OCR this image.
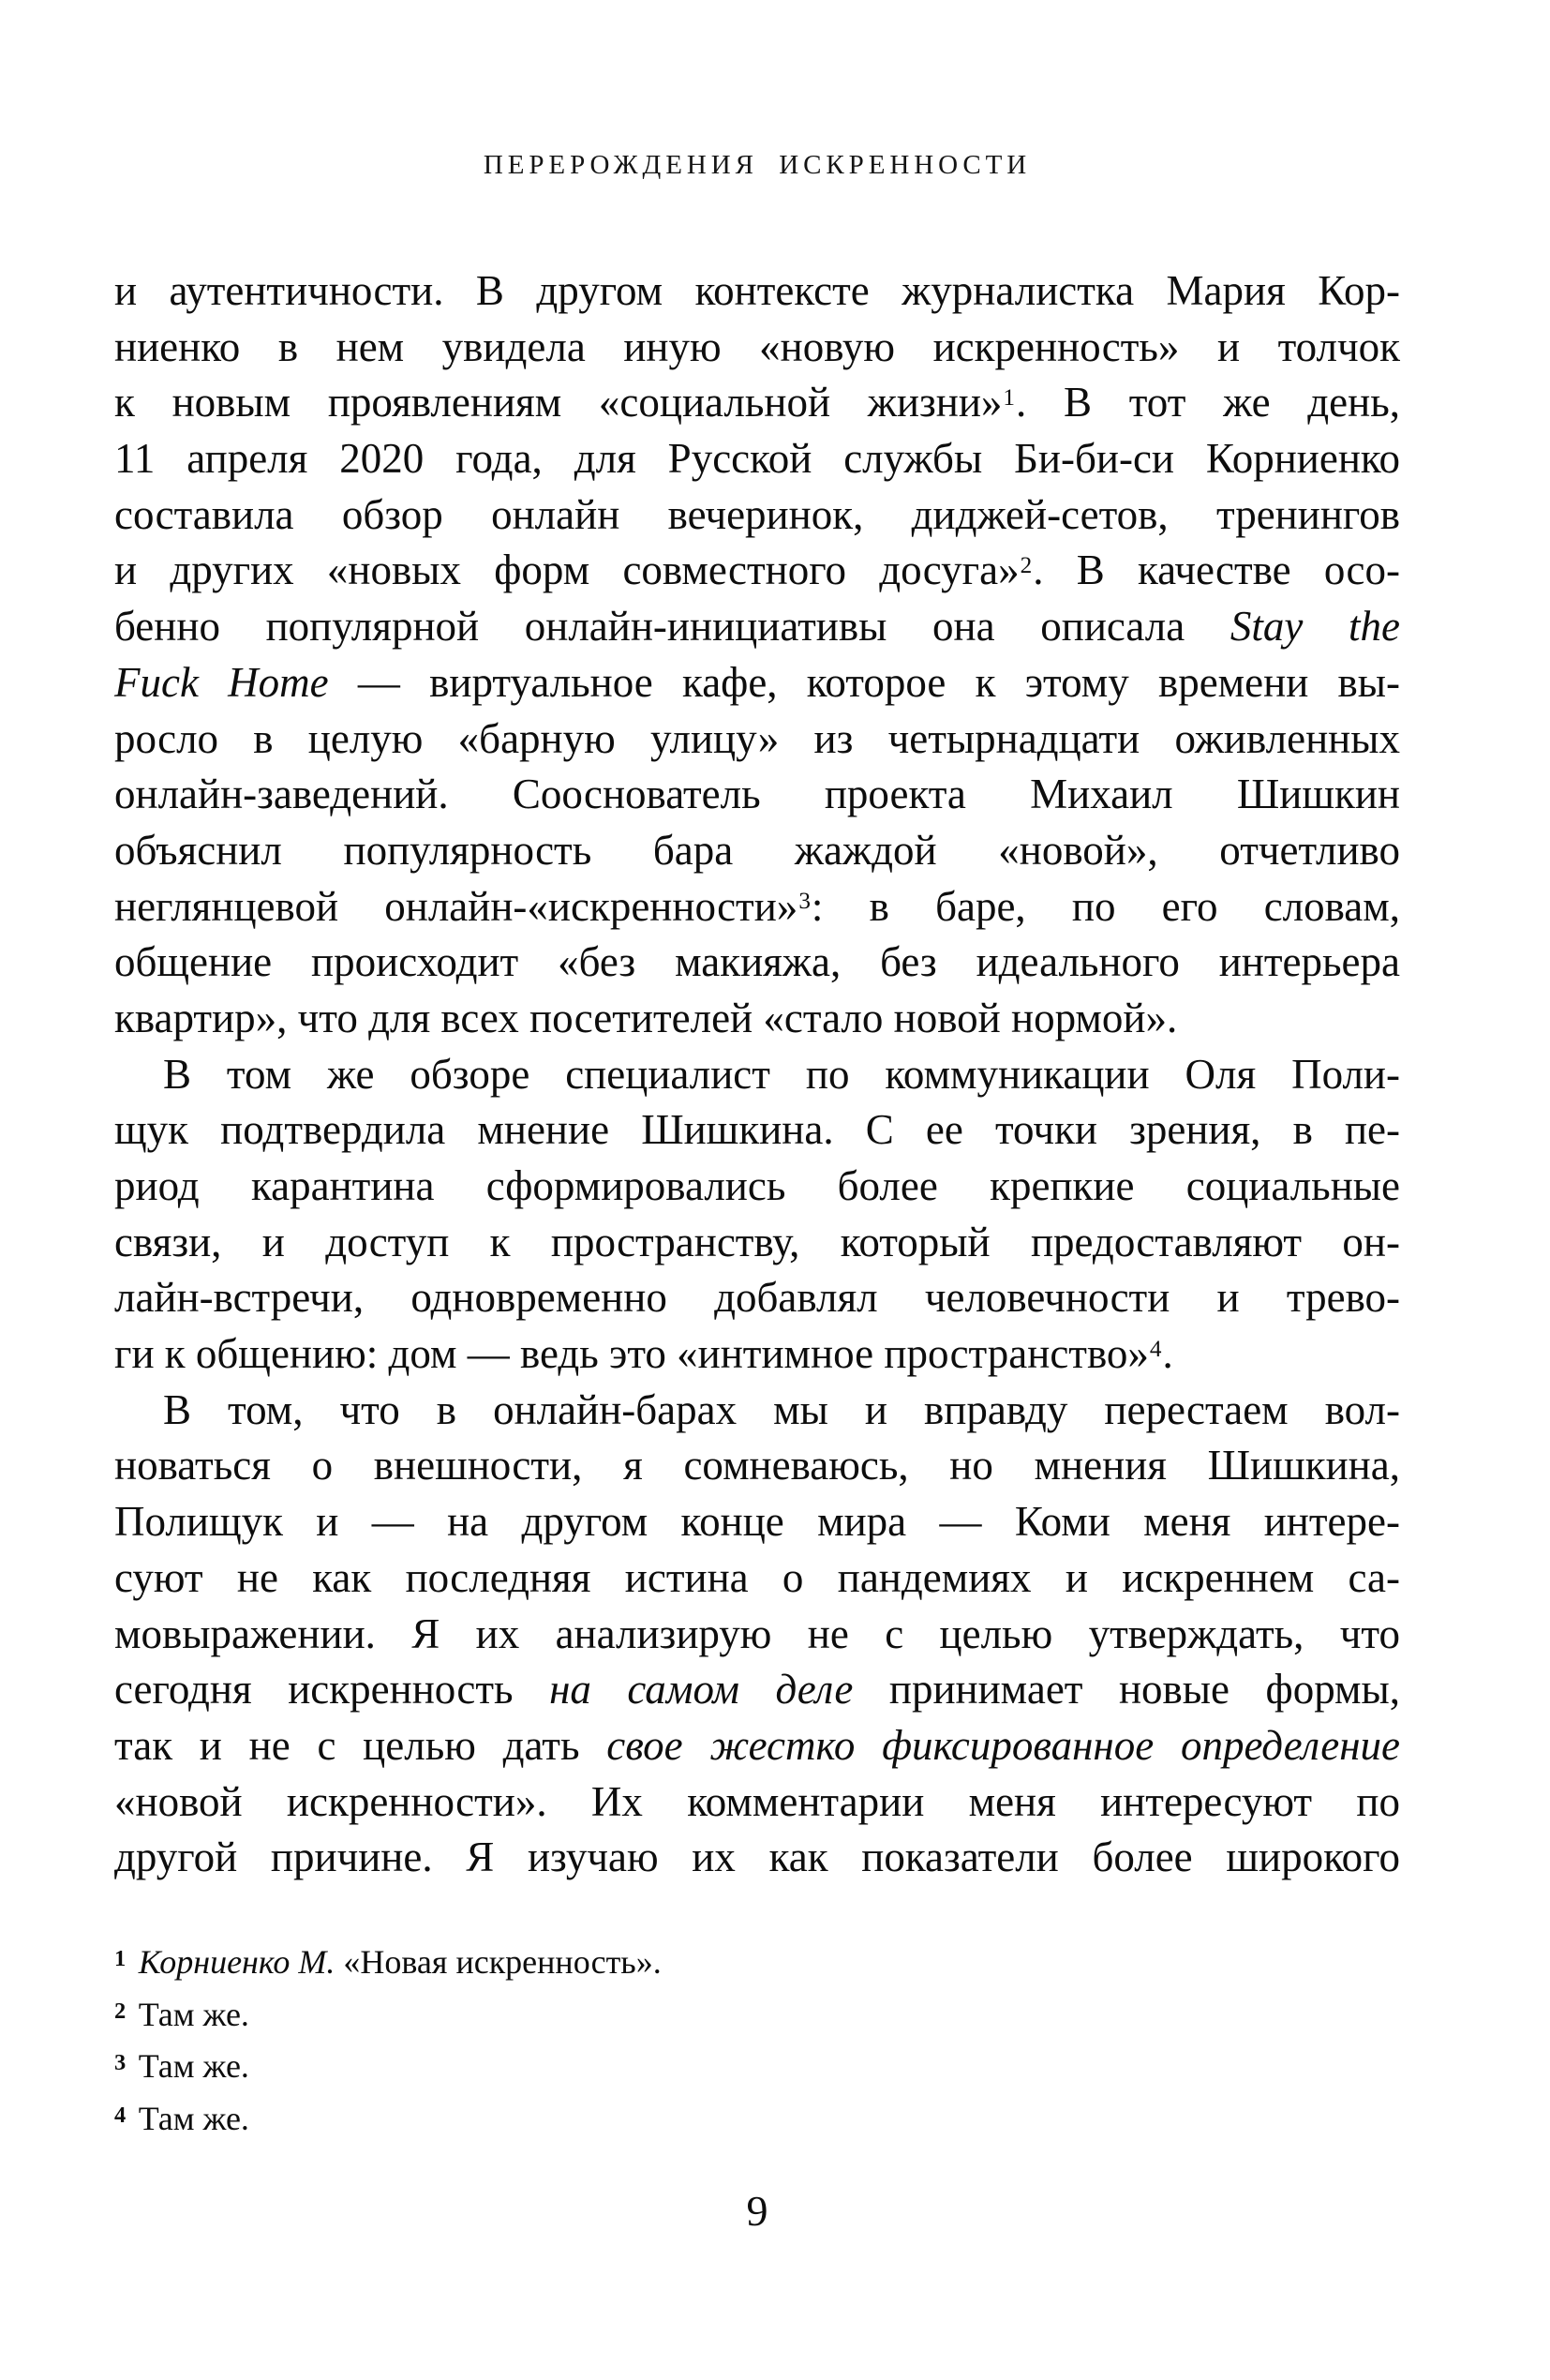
ПЕРЕРОЖДЕНИЯ ИСКРЕННОСТИ
и аутентичности. В другом контексте журналистка Мария Кор-
ниенко в нем увидела иную «новую искренность» и толчок
к новым проявлениям «социальной жизни»$^1$. В тот же день,
11 апреля 2020 года, для Русской службы Би-би-си Корниенко
составила обзор онлайн вечеринок, диджей-сетов, тренингов
и других «новых форм совместного досуга»$^2$. В качестве осо-
бенно популярной онлайн-инициативы она описала Stay the
Fuck Home — виртуальное кафе, которое к этому времени вы-
росло в целую «барную улицу» из четырнадцати оживленных
онлайн-заведений. Сооснователь проекта Михаил Шишкин
объяснил популярность бара жаждой «новой», отчетливо
неглянцевой онлайн-«искренности»$^3$: в баре, по его словам,
общение происходит «без макияжа, без идеального интерьера
квартир», что для всех посетителей «стало новой нормой».
В том же обзоре специалист по коммуникации Оля Поли-
щук подтвердила мнение Шишкина. С ее точки зрения, в пе-
риод карантина сформировались более крепкие социальные
связи, и доступ к пространству, который предоставляют он-
лайн-встречи, одновременно добавлял человечности и трево-
ги к общению: дом — ведь это «интимное пространство»$^4$.
В том, что в онлайн-барах мы и вправду перестаем вол-
новаться о внешности, я сомневаюсь, но мнения Шишкина,
Полищук и — на другом конце мира — Коми меня интере-
суют не как последняя истина о пандемиях и искреннем са-
мовыражении. Я их анализирую не с целью утверждать, что
сегодня искренность на самом деле принимает новые формы,
так и не с целью дать свое жестко фиксированное определение
«новой искренности». Их комментарии меня интересуют по
другой причине. Я изучаю их как показатели более широкого
$^1$ Корниенко М. «Новая искренность».
$^2$ Там же.
$^3$ Там же.
$^4$ Там же.
9
